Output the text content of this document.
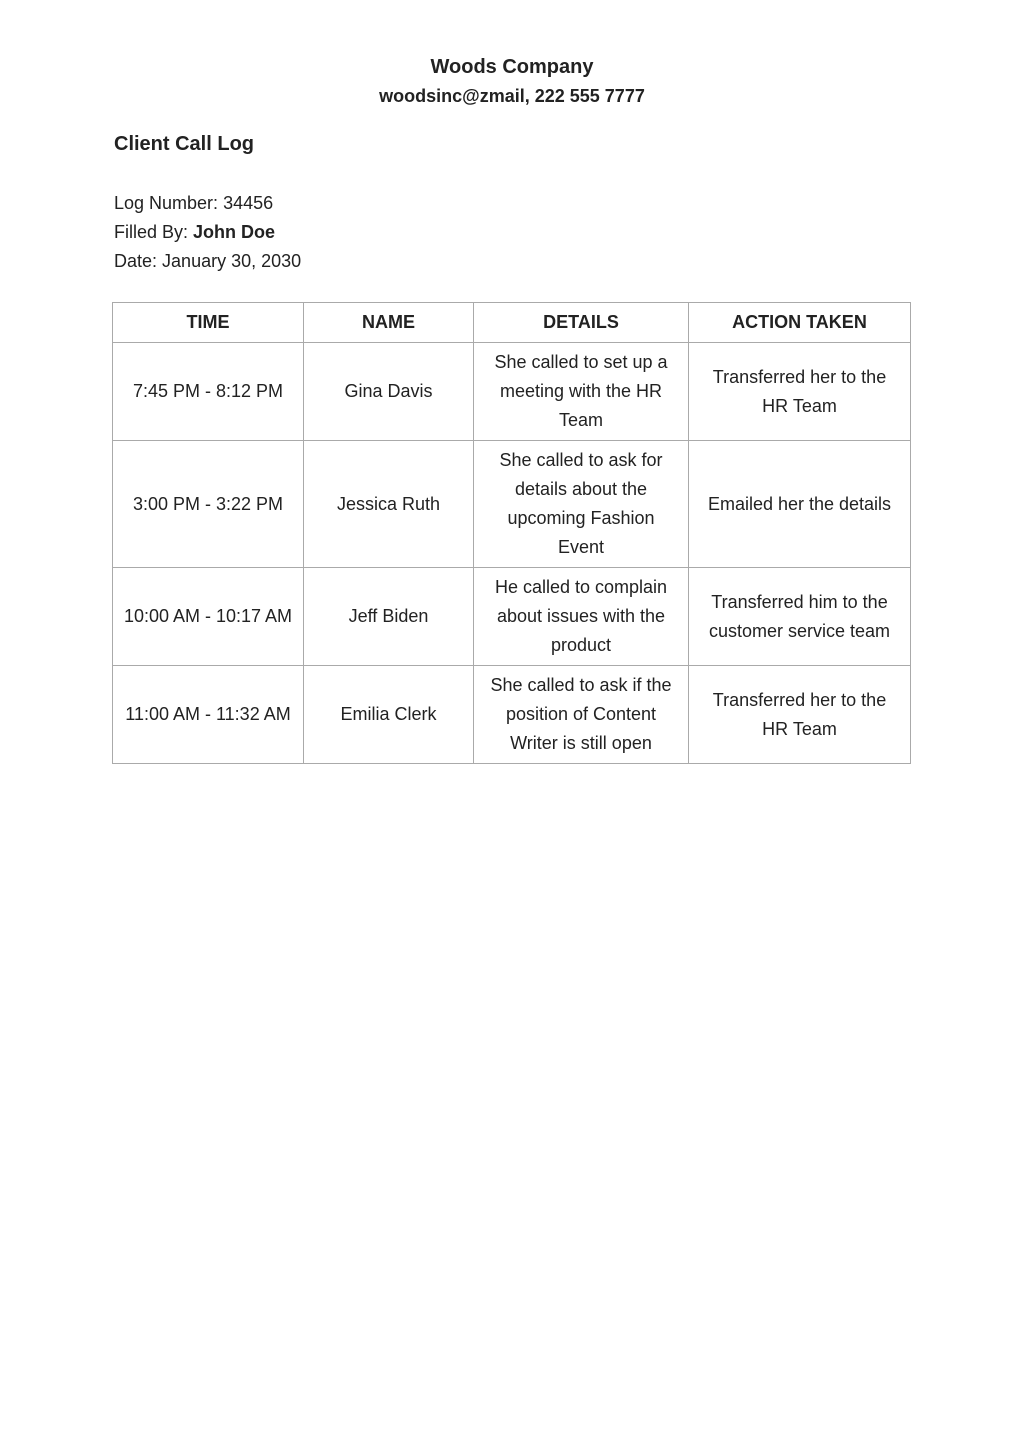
Woods Company
woodsinc@zmail, 222 555 7777
Client Call Log
Log Number: 34456
Filled By: John Doe
Date: January 30, 2030
TIME	NAME	DETAILS	ACTION TAKEN
7:45 PM - 8:12 PM	Gina Davis	She called to set up a meeting with the HR Team	Transferred her to the HR Team
3:00 PM - 3:22 PM	Jessica Ruth	She called to ask for details about the upcoming Fashion Event	Emailed her the details
10:00 AM - 10:17 AM	Jeff Biden	He called to complain about issues with the product	Transferred him to the customer service team
11:00 AM - 11:32 AM	Emilia Clerk	She called to ask if the position of Content Writer is still open	Transferred her to the HR Team
